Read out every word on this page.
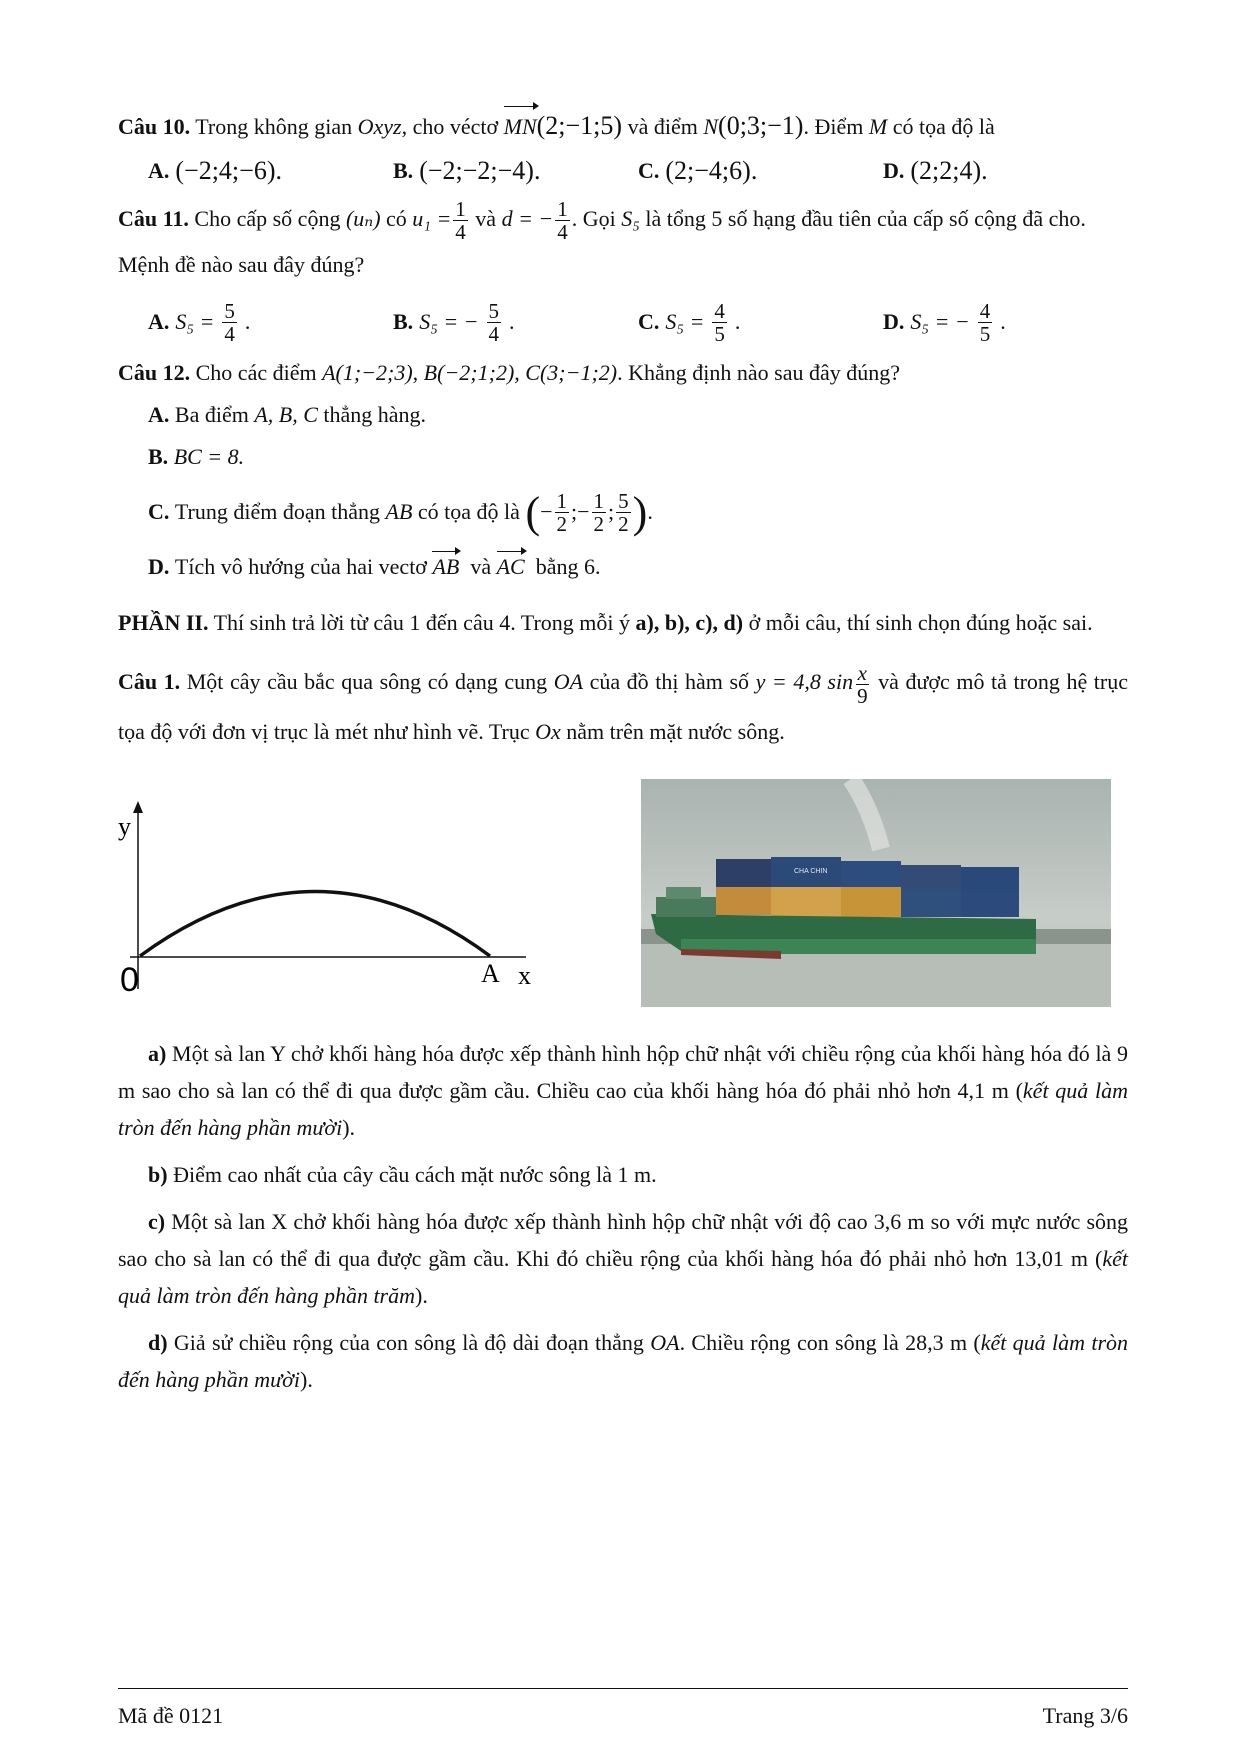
Câu 10. Trong không gian Oxyz, cho véctơ MN(2;−1;5) và điểm N(0;3;−1). Điểm M có tọa độ là

A. (−2;4;−6).	B. (−2;−2;−4).	C. (2;−4;6).	D. (2;2;4).

Câu 11. Cho cấp số cộng (uₙ) có $u_1 = \frac{1}{4}$ và d = − $\frac{1}{4}$ . Gọi S₅ là tổng 5 số hạng đầu tiên của cấp số cộng đã cho. Mệnh đề nào sau đây đúng?

A. $S_5 = \frac{5}{4}$ .	B. S₅ = − $\frac{5}{4}$ .	C. $S_5 = \frac{4}{5}$ .	D. S₅ = − $\frac{4}{5}$ .

Câu 12. Cho các điểm A(1;−2;3), B(−2;1;2), C(3;−1;2). Khẳng định nào sau đây đúng?

A.
Ba điểm
A, B, C
thẳng hàng.
B.
BC = 8.
C.
Trung điểm đoạn thẳng
AB
có tọa độ là
( − $\frac{1}{2}$ ;− $\frac{1}{2}$ ; $\frac{5}{2}$ ) .
D.
Tích vô hướng của hai vectơ
AB
và
AC
bằng 6.

PHẦN II. Thí sinh trả lời từ câu 1 đến câu 4. Trong mỗi ý a), b), c), d) ở mỗi câu, thí sinh chọn đúng hoặc sai.

Câu 1. Một cây cầu bắc qua sông có dạng cung OA của đồ thị hàm số y = 4,8 $\sin \frac{x}{9}$ và được mô tả trong hệ trục tọa độ với đơn vị trục là mét như hình vẽ. Trục Ox nằm trên mặt nước sông.

y
x
0	A
CHA CHIN

a) Một sà lan Y chở khối hàng hóa được xếp thành hình hộp chữ nhật với chiều rộng của khối hàng hóa đó là 9 m sao cho sà lan có thể đi qua được gầm cầu. Chiều cao của khối hàng hóa đó phải nhỏ hơn 4,1 m (kết quả làm tròn đến hàng phần mười).

b) Điểm cao nhất của cây cầu cách mặt nước sông là 1 m.

c) Một sà lan X chở khối hàng hóa được xếp thành hình hộp chữ nhật với độ cao 3,6 m so với mực nước sông sao cho sà lan có thể đi qua được gầm cầu. Khi đó chiều rộng của khối hàng hóa đó phải nhỏ hơn 13,01 m (kết quả làm tròn đến hàng phần trăm).

d) Giả sử chiều rộng của con sông là độ dài đoạn thẳng OA. Chiều rộng con sông là 28,3 m (kết quả làm tròn đến hàng phần mười).

Mã đề 0121	Trang 3/6
